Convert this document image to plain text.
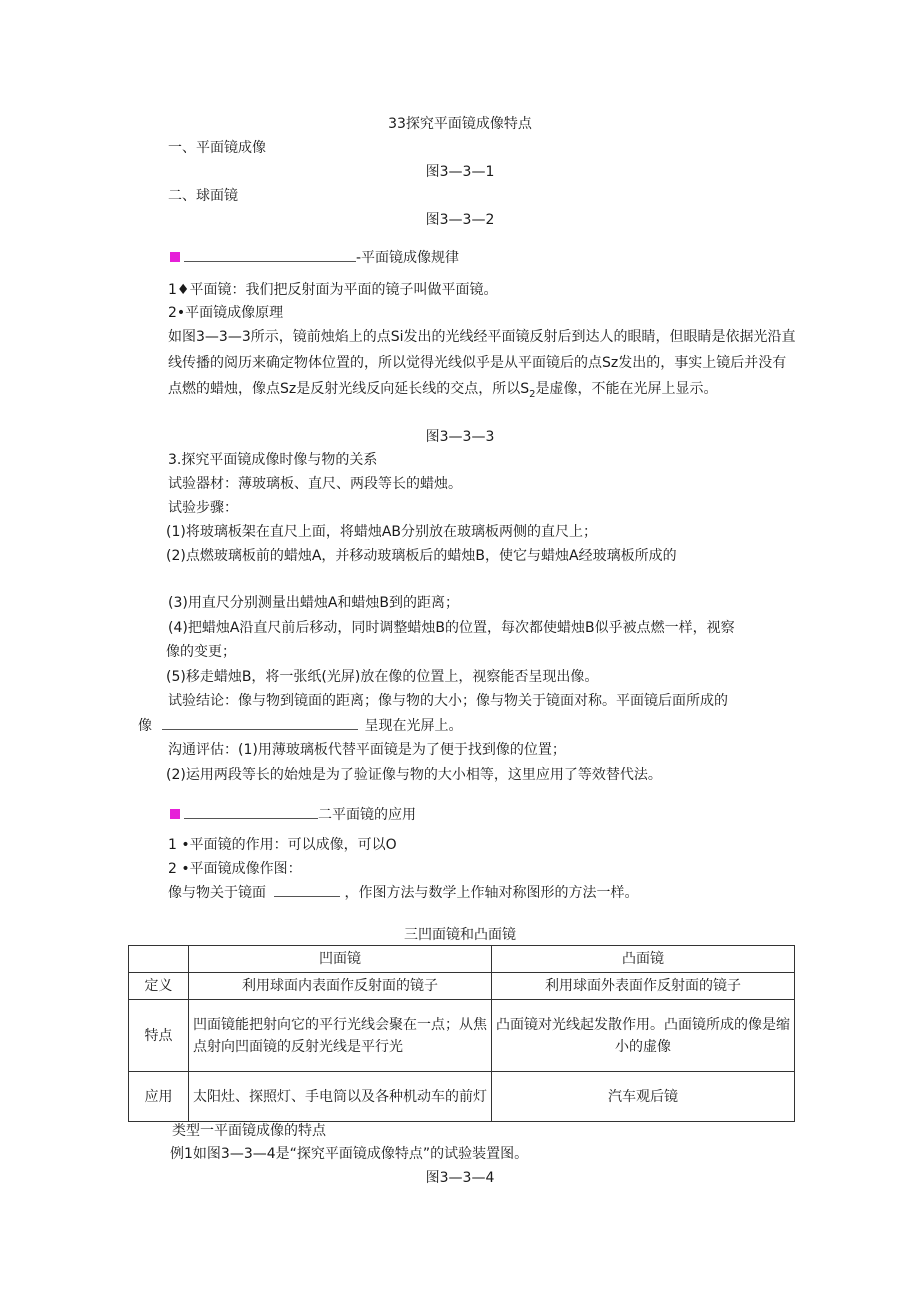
33探究平面镜成像特点
一、平面镜成像
图3—3—1
二、球面镜
图3—3—2
-平面镜成像规律
1♦平面镜：我们把反射面为平面的镜子叫做平面镜。
2•平面镜成像原理
如图3—3—3所示，镜前烛焰上的点Si发出的光线经平面镜反射后到达人的眼睛，但眼睛是依据光沿直线传播的阅历来确定物体位置的，所以觉得光线似乎是从平面镜后的点Sz发出的，事实上镜后并没有点燃的蜡烛，像点Sz是反射光线反向延长线的交点，所以$S_2$是虚像，不能在光屏上显示。
图3—3—3
3.探究平面镜成像时像与物的关系
试验器材：薄玻璃板、直尺、两段等长的蜡烛。
试验步骤：
(1)将玻璃板架在直尺上面，将蜡烛AB分别放在玻璃板两侧的直尺上；
(2)点燃玻璃板前的蜡烛A，并移动玻璃板后的蜡烛B，使它与蜡烛A经玻璃板所成的
(3)用直尺分别测量出蜡烛A和蜡烛B到的距离；
(4)把蜡烛A沿直尺前后移动，同时调整蜡烛B的位置，每次都使蜡烛B似乎被点燃一样，视察
像的变更；
(5)移走蜡烛B，将一张纸(光屏)放在像的位置上，视察能否呈现出像。
试验结论：像与物到镜面的距离；像与物的大小；像与物关于镜面对称。平面镜后面所成的
像	呈现在光屏上。
沟通评估：(1)用薄玻璃板代替平面镜是为了便于找到像的位置；
(2)运用两段等长的始烛是为了验证像与物的大小相等，这里应用了等效替代法。
二平面镜的应用
1 •平面镜的作用：可以成像，可以O
2 •平面镜成像作图：
像与物关于镜面	，作图方法与数学上作轴对称图形的方法一样。
三凹面镜和凸面镜
	凹面镜	凸面镜
定义	利用球面内表面作反射面的镜子	利用球面外表面作反射面的镜子
特点	凹面镜能把射向它的平行光线会聚在一点；从焦点射向凹面镜的反射光线是平行光	凸面镜对光线起发散作用。凸面镜所成的像是缩小的虚像
应用	太阳灶、探照灯、手电筒以及各种机动车的前灯	汽车观后镜
类型一平面镜成像的特点
例1如图3—3—4是“探究平面镜成像特点”的试验装置图。
图3—3—4
